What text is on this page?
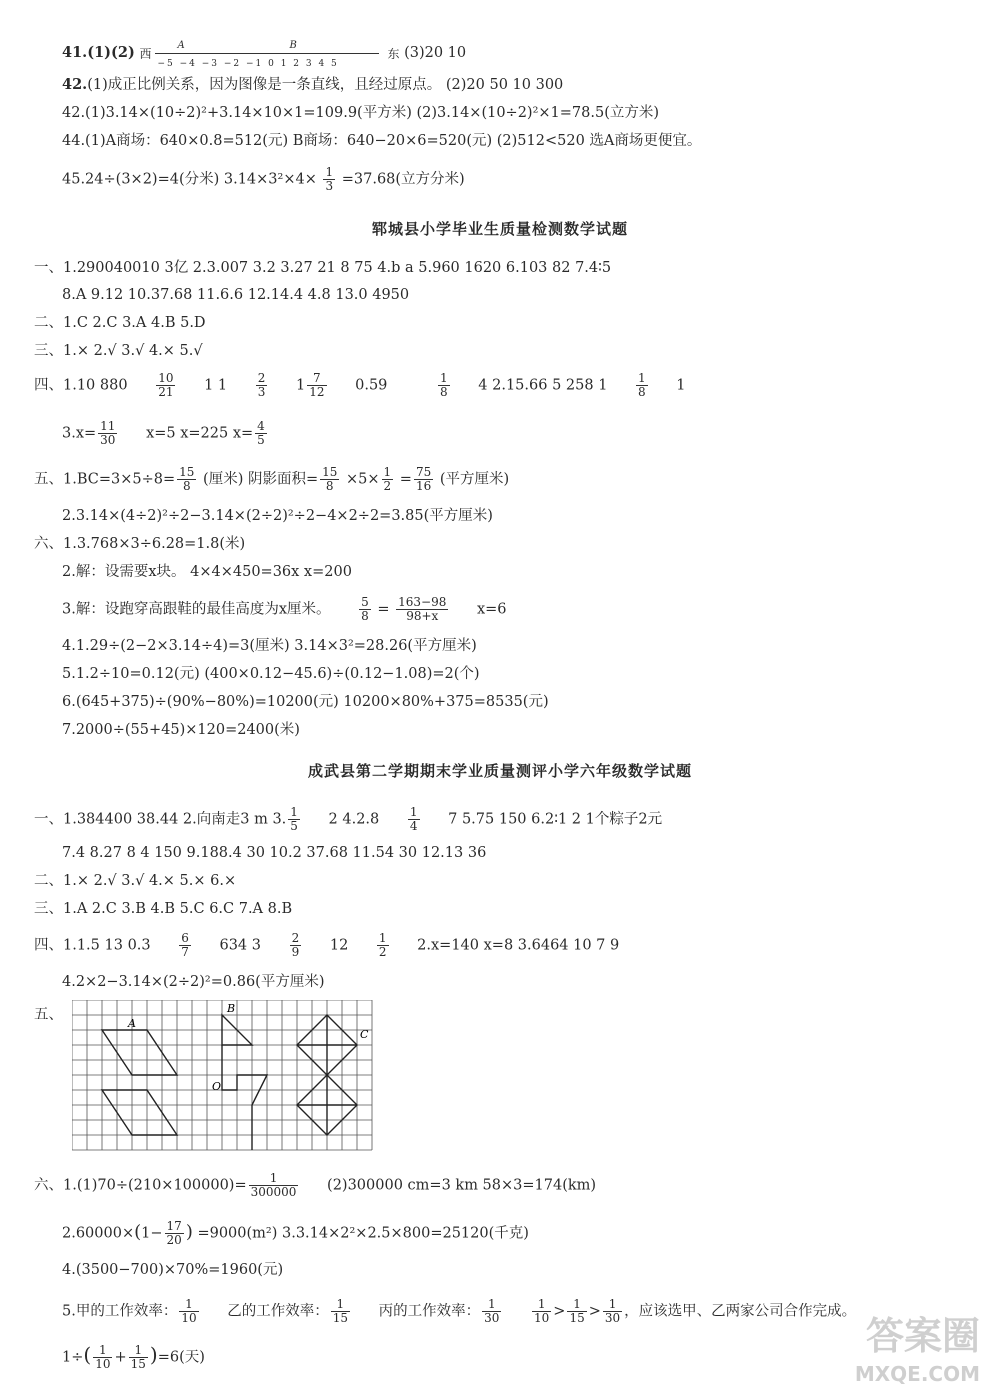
41.(1)(2) 西
A	B
−5 −4 −3 −2 −1 0 1 2 3 4 5
东 (3)20 10
42.(1)成正比例关系，因为图像是一条直线，且经过原点。 (2)20 50 10 300
42.(1)3.14×(10÷2)²+3.14×10×1=109.9(平方米) (2)3.14×(10÷2)²×1=78.5(立方米)
44.(1)A商场：640×0.8=512(元) B商场：640−20×6=520(元) (2)512<520 选A商场更便宜。
45.24÷(3×2)=4(分米) $3.14\times 3^2\times 4\times \frac{1}{3} =37.68$(立方分米)
郓城县小学毕业生质量检测数学试题
一、1.290040010 3亿 2.3.007 3.2 3.27 21 8 75 4.b a 5.960 1620 6.103 82 7.4∶5
8.A 9.12 10.37.68 11.6.6 12.14.4 4.8 13.0 4950
二、1.C 2.C 3.A 4.B 5.D
三、1.× 2.√ 3.√ 4.× 5.√
四、1.10 $880 \frac{10}{21} 1$ $1 \frac{2}{3} 1 \frac{7}{12} 0.59$	$\frac{1}{8} 4$ 2.15.66 5 258 $1 \frac{1}{8} 1$
$3.x= \frac{11}{30} x=5$ x=225 $x= \frac{4}{5}$
五、$1.BC=3\times 5\div 8= \frac{15}{8}$ (厘米) 阴影面积= $\frac{15}{8} \times 5\times \frac{1}{2} = \frac{75}{16}$ (平方厘米)
2.3.14×(4÷2)²÷2−3.14×(2÷2)²÷2−4×2÷2=3.85(平方厘米)
六、1.3.768×3÷6.28=1.8(米)
2.解：设需要x块。 4×4×450=36x x=200
3.解：设跑穿高跟鞋的最佳高度为x厘米。 $\frac{5}{8} = \frac{163-98}{98+x} x=6$
4.1.29÷(2−2×3.14÷4)=3(厘米) 3.14×3²=28.26(平方厘米)
5.1.2÷10=0.12(元) (400×0.12−45.6)÷(0.12−1.08)=2(个)
6.(645+375)÷(90%−80%)=10200(元) 10200×80%+375=8535(元)
7.2000÷(55+45)×120=2400(米)
成武县第二学期期末学业质量测评小学六年级数学试题
一、1.384400 38.44 2.向南走3 m 3. $\frac{1}{5} 2$ $4.2.8 \frac{1}{4} 7$ 5.75 150 6.2∶1 2 1个粽子2元
7.4 8.27 8 4 150 9.188.4 30 10.2 37.68 11.54 30 12.13 36
二、1.× 2.√ 3.√ 4.× 5.× 6.×
三、1.A 2.C 3.B 4.B 5.C 6.C 7.A 8.B
四、1.1.5 13 $0.3 \frac{6}{7} 634$ $3 \frac{2}{9} 12 \frac{1}{2} 2.x=140$ x=8 3.6464 10 7 9
4.2×2−3.14×(2÷2)²=0.86(平方厘米)
五、
A
B
C
O
六、$1.(1)70\div(210\times 100000)= \frac{1}{300000} (2)300000$ cm=3 km 58×3=174(km)
$2.60000\times(1- \frac{17}{20}$ ) =9000(m²) 3.3.14×2²×2.5×800=25120(千克)
4.(3500−700)×70%=1960(元)
5.甲的工作效率： $\frac{1}{10}$ 乙的工作效率： $\frac{1}{15}$ 丙的工作效率： $\frac{1}{30}$
	$\frac{1}{10} > \frac{1}{15} > \frac{1}{30}$ ，应该选甲、乙两家公司合作完成。
$1\div( \frac{1}{10} + \frac{1}{15} )=6$(天)	答案圈
MXQE.COM
